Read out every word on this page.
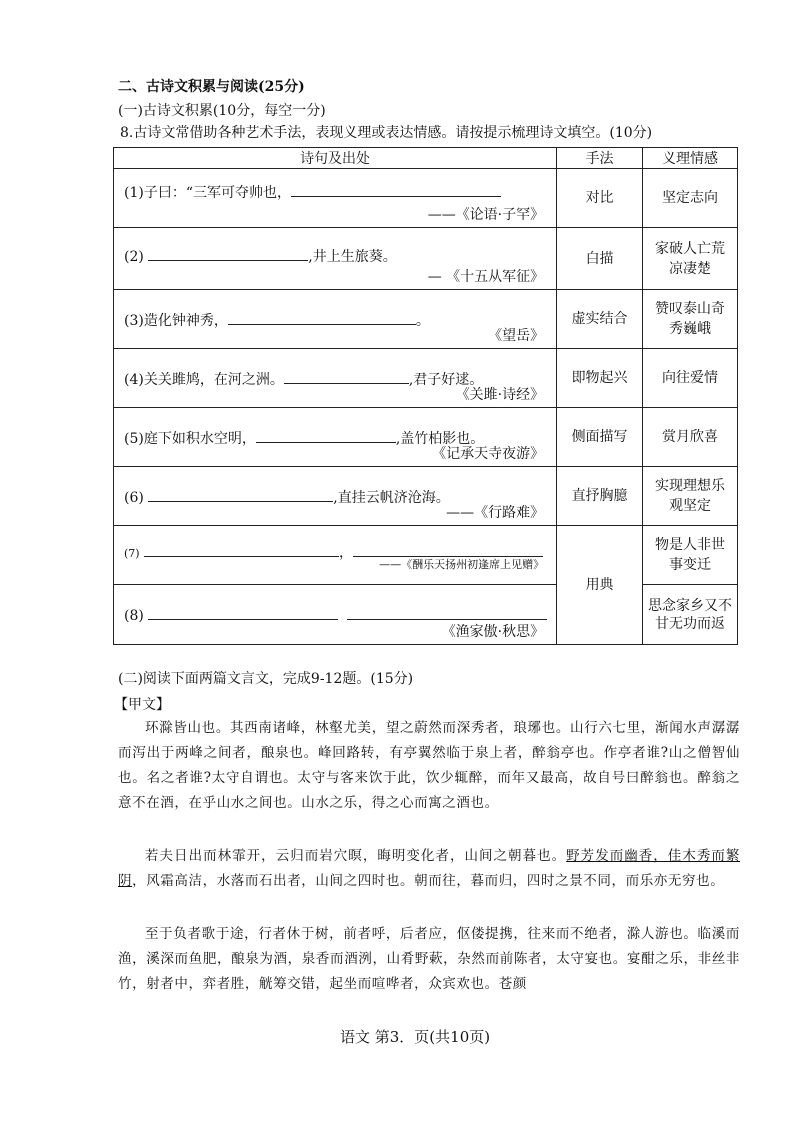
二、古诗文积累与阅读(25分)
(一)古诗文积累(10分，每空一分)
8.古诗文常借助各种艺术手法，表现义理或表达情感。请按提示梳理诗文填空。(10分)
诗句及出处	手法	义理情感

(1)子曰：“三军可夺帅也，
——《论语·子罕》	对比	坚定志向

(2) ,井上生旅葵。
— 《十五从军征》	白描	家破人亡荒凉凄楚

(3)造化钟神秀， 。
《望岳》	虚实结合	赞叹泰山奇秀巍峨

(4)关关雎鸠，在河之洲。 ,君子好逑。
《关雎·诗经》	即物起兴	向往爱情

(5)庭下如积水空明， ,盖竹柏影也。
《记承天寺夜游》	侧面描写	赏月欣喜

(6) ,直挂云帆济沧海。
——《行路难》	直抒胸臆	实现理想乐观坚定

(7) ，
——《酬乐天扬州初逢席上见赠》	用典	物是人非世事变迁

(8)
《渔家傲·秋思》		思念家乡又不甘无功而返
(二)阅读下面两篇文言文，完成9-12题。(15分)
【甲文】
环滁皆山也。其西南诸峰，林壑尤美，望之蔚然而深秀者，琅琊也。山行六七里，渐闻水声潺潺而泻出于两峰之间者，酿泉也。峰回路转，有亭翼然临于泉上者，醉翁亭也。作亭者谁?山之僧智仙也。名之者谁?太守自谓也。太守与客来饮于此，饮少辄醉，而年又最高，故自号曰醉翁也。醉翁之意不在酒，在乎山水之间也。山水之乐，得之心而寓之酒也。
若夫日出而林霏开，云归而岩穴暝，晦明变化者，山间之朝暮也。野芳发而幽香，佳木秀而繁阴，风霜高洁，水落而石出者，山间之四时也。朝而往，暮而归，四时之景不同，而乐亦无穷也。
至于负者歌于途，行者休于树，前者呼，后者应，伛偻提携，往来而不绝者，滁人游也。临溪而渔，溪深而鱼肥，酿泉为酒，泉香而酒洌，山肴野蔌，杂然而前陈者，太守宴也。宴酣之乐，非丝非竹，射者中，弈者胜，觥筹交错，起坐而喧哗者，众宾欢也。苍颜
语文 第3．页(共10页)
